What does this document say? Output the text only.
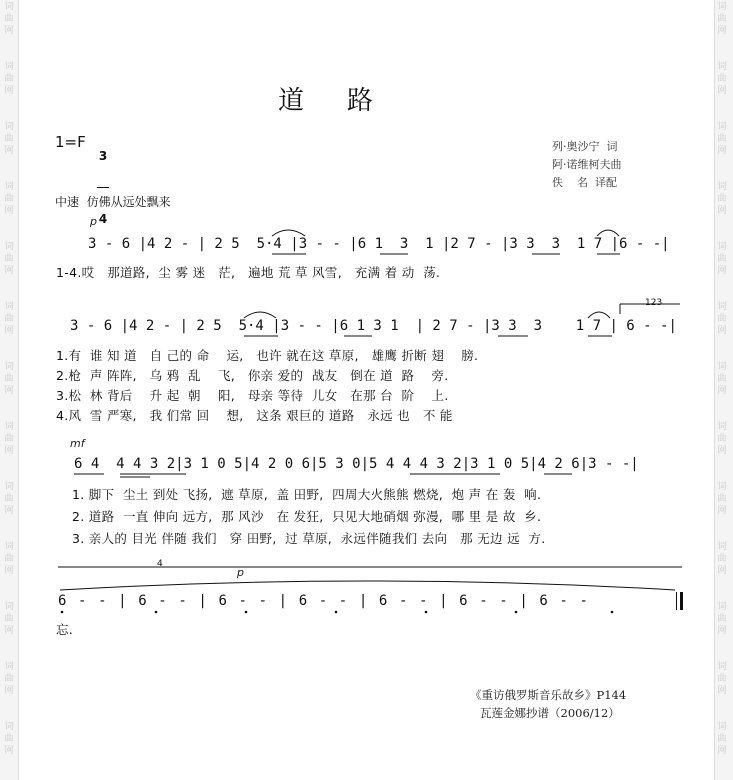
词
曲
网
词
曲
网
词
曲
网
词
曲
网
词
曲
网
词
曲
网
词
曲
网
词
曲
网
词
曲
网
词
曲
网
词
曲
网
词
曲
网
词
曲
网
词
曲
网
词
曲
网
词
曲
网
词
曲
网
词
曲
网
词
曲
网
词
曲
网
词
曲
网
词
曲
网
词
曲
网
词
曲
网
词
曲
网
词
曲
网
道    路
1=F

3

4

列·奥沙宁  词
阿·诺维柯夫曲
佚    名  译配
中速  仿佛从远处飘来
p
3 - 6 |4 2 - | 2 5  5·4 |3 - - |6 1  3  1 |2 7 - |3 3  3  1 7 |6 - -|
1-4.哎   那道路,  尘 雾 迷   茫,   遍地 荒 草 风雪,   充满 着 动  荡.
123
3 - 6 |4 2 - | 2 5  5·4 |3 - - |6 1 3 1  | 2 7 - |3 3  3    1 7 | 6 - -|
1.有  谁 知 道   自 己的 命    运,   也许 就在这 草原,   雄鹰 折断 翅    膀.
2.枪  声 阵阵,   乌 鸦  乱    飞,   你亲 爱的  战友   倒在 道  路    旁.
3.松  林 背后    升 起  朝    阳,   母亲 等待  儿女   在那 台  阶    上.
4.风  雪 严寒,   我 们常 回    想,   这条 艰巨的 道路   永远 也   不 能
mf
6 4  4 4 3 2|3 1 0 5|4 2 0 6|5 3 0|5 4 4 4 3 2|3 1 0 5|4 2 6|3 - -|
1. 脚下  尘土 到处 飞扬,  遮 草原,  盖 田野,  四周大火熊熊 燃烧,  炮 声 在 轰  响.
2. 道路  一直 伸向 远方,  那 风沙   在 发狂,  只见大地硝烟 弥漫,  哪 里 是 故  乡.
3. 亲人的 目光 伴随 我们   穿 田野,  过 草原,  永远伴随我们 去向   那 无边 远  方.
4
p
6 - - | 6 - - | 6 - - | 6 - - | 6 - - | 6 - - | 6 - -
忘.
《重访俄罗斯音乐故乡》P144
瓦莲金娜抄谱（2006/12）
